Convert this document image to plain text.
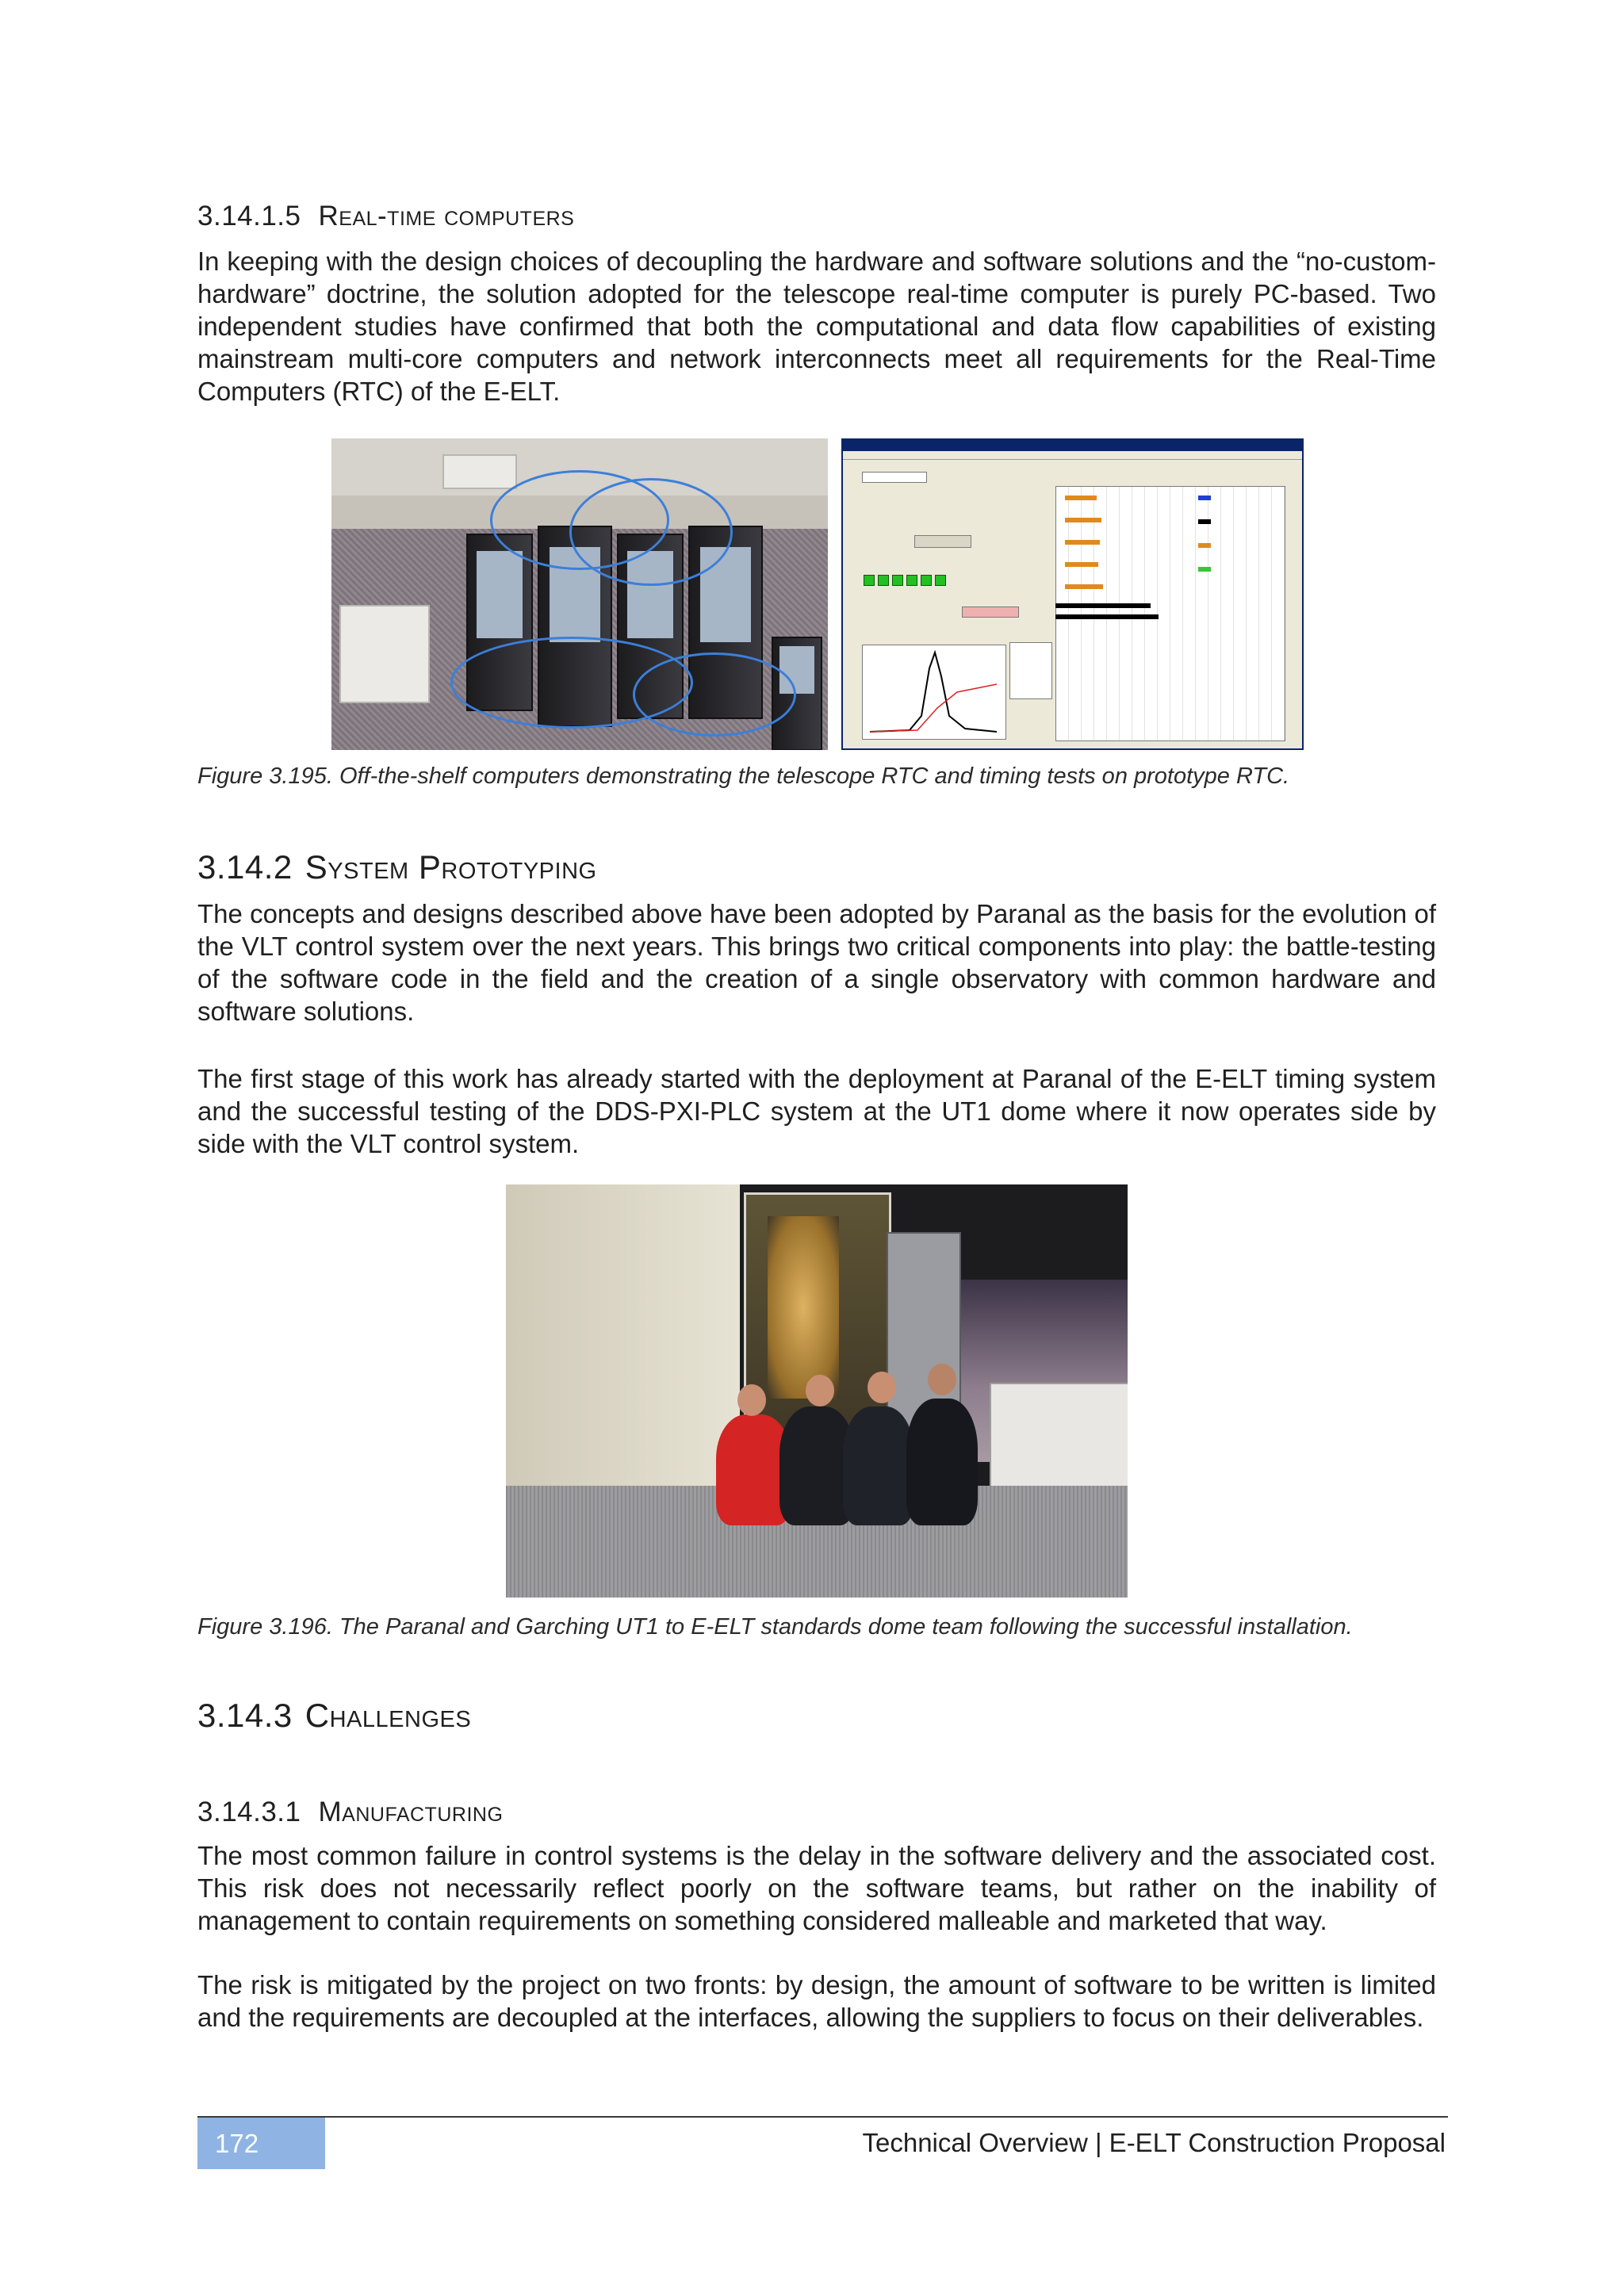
3.14.1.5 Real-time computers

In keeping with the design choices of decoupling the hardware and software solutions and the “no-custom-hardware” doctrine, the solution adopted for the telescope real-time computer is purely PC-based. Two independent studies have confirmed that both the computational and data flow capabilities of existing mainstream multi-core computers and network interconnects meet all requirements for the Real-Time Computers (RTC) of the E-ELT.

Figure 3.195. Off-the-shelf computers demonstrating the telescope RTC and timing tests on prototype RTC.
3.14.2 System Prototyping

The concepts and designs described above have been adopted by Paranal as the basis for the evolution of the VLT control system over the next years. This brings two critical components into play: the battle-testing of the software code in the field and the creation of a single observatory with common hardware and software solutions.

The first stage of this work has already started with the deployment at Paranal of the E-ELT timing system and the successful testing of the DDS-PXI-PLC system at the UT1 dome where it now operates side by side with the VLT control system.

Figure 3.196. The Paranal and Garching UT1 to E-ELT standards dome team following the successful installation.
3.14.3 Challenges
3.14.3.1 Manufacturing

The most common failure in control systems is the delay in the software delivery and the associated cost. This risk does not necessarily reflect poorly on the software teams, but rather on the inability of management to contain requirements on something considered malleable and marketed that way.

The risk is mitigated by the project on two fronts: by design, the amount of software to be written is limited and the requirements are decoupled at the interfaces, allowing the suppliers to focus on their deliverables.

172	Technical Overview | E-ELT Construction Proposal
